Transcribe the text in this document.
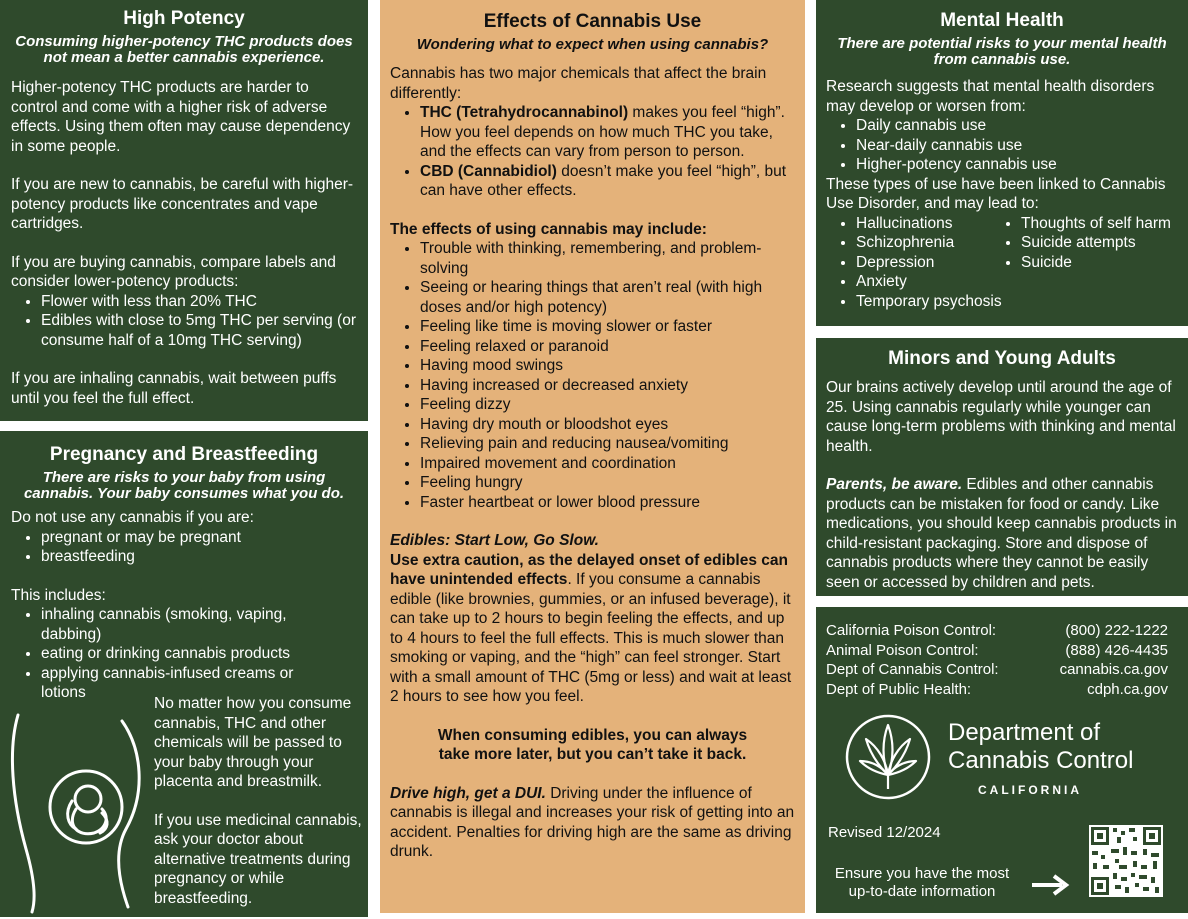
High Potency

Consuming higher-potency THC products does not mean a better cannabis experience.

Higher-potency THC products are harder to control and come with a higher risk of adverse effects. Using them often may cause dependency in some people.

If you are new to cannabis, be careful with higher-potency products like concentrates and vape cartridges.

If you are buying cannabis, compare labels and consider lower-potency products:

• Flower with less than 20% THC
• Edibles with close to 5mg THC per serving (or consume half of a 10mg THC serving)

If you are inhaling cannabis, wait between puffs until you feel the full effect.

Pregnancy and Breastfeeding

There are risks to your baby from using cannabis. Your baby consumes what you do.

Do not use any cannabis if you are:

• pregnant or may be pregnant
• breastfeeding

This includes:

• inhaling cannabis (smoking, vaping, dabbing)
• eating or drinking cannabis products
• applying cannabis-infused creams or lotions

No matter how you consume cannabis, THC and other chemicals will be passed to your baby through your placenta and breastmilk.

If you use medicinal cannabis, ask your doctor about alternative treatments during pregnancy or while breastfeeding.

Effects of Cannabis Use

Wondering what to expect when using cannabis?

Cannabis has two major chemicals that affect the brain differently:

• THC (Tetrahydrocannabinol) makes you feel “high”. How you feel depends on how much THC you take, and the effects can vary from person to person.
• CBD (Cannabidiol) doesn’t make you feel “high”, but can have other effects.

The effects of using cannabis may include:

• Trouble with thinking, remembering, and problem-solving
• Seeing or hearing things that aren’t real (with high doses and/or high potency)
• Feeling like time is moving slower or faster
• Feeling relaxed or paranoid
• Having mood swings
• Having increased or decreased anxiety
• Feeling dizzy
• Having dry mouth or bloodshot eyes
• Relieving pain and reducing nausea/vomiting
• Impaired movement and coordination
• Feeling hungry
• Faster heartbeat or lower blood pressure

Edibles: Start Low, Go Slow.

Use extra caution, as the delayed onset of edibles can have unintended effects. If you consume a cannabis edible (like brownies, gummies, or an infused beverage), it can take up to 2 hours to begin feeling the effects, and up to 4 hours to feel the full effects. This is much slower than smoking or vaping, and the “high” can feel stronger. Start with a small amount of THC (5mg or less) and wait at least 2 hours to see how you feel.

When consuming edibles, you can always take more later, but you can’t take it back.

Drive high, get a DUI. Driving under the influence of cannabis is illegal and increases your risk of getting into an accident. Penalties for driving high are the same as driving drunk.

Mental Health

There are potential risks to your mental health from cannabis use.

Research suggests that mental health disorders may develop or worsen from:

• Daily cannabis use
• Near-daily cannabis use
• Higher-potency cannabis use

These types of use have been linked to Cannabis Use Disorder, and may lead to:

• Hallucinations
• Schizophrenia
• Depression
• Anxiety
• Temporary psychosis
• Thoughts of self harm
• Suicide attempts
• Suicide
Minors and Young Adults

Our brains actively develop until around the age of 25. Using cannabis regularly while younger can cause long-term problems with thinking and mental health.

Parents, be aware. Edibles and other cannabis products can be mistaken for food or candy. Like medications, you should keep cannabis products in child-resistant packaging. Store and dispose of cannabis products where they cannot be easily seen or accessed by children and pets.

California Poison Control:	(800) 222-1222
Animal Poison Control:	(888) 426-4435
Dept of Cannabis Control:	cannabis.ca.gov
Dept of Public Health:	cdph.ca.gov
Department of
Cannabis Control
CALIFORNIA
Revised 12/2024
Ensure you have the most up-to-date information
